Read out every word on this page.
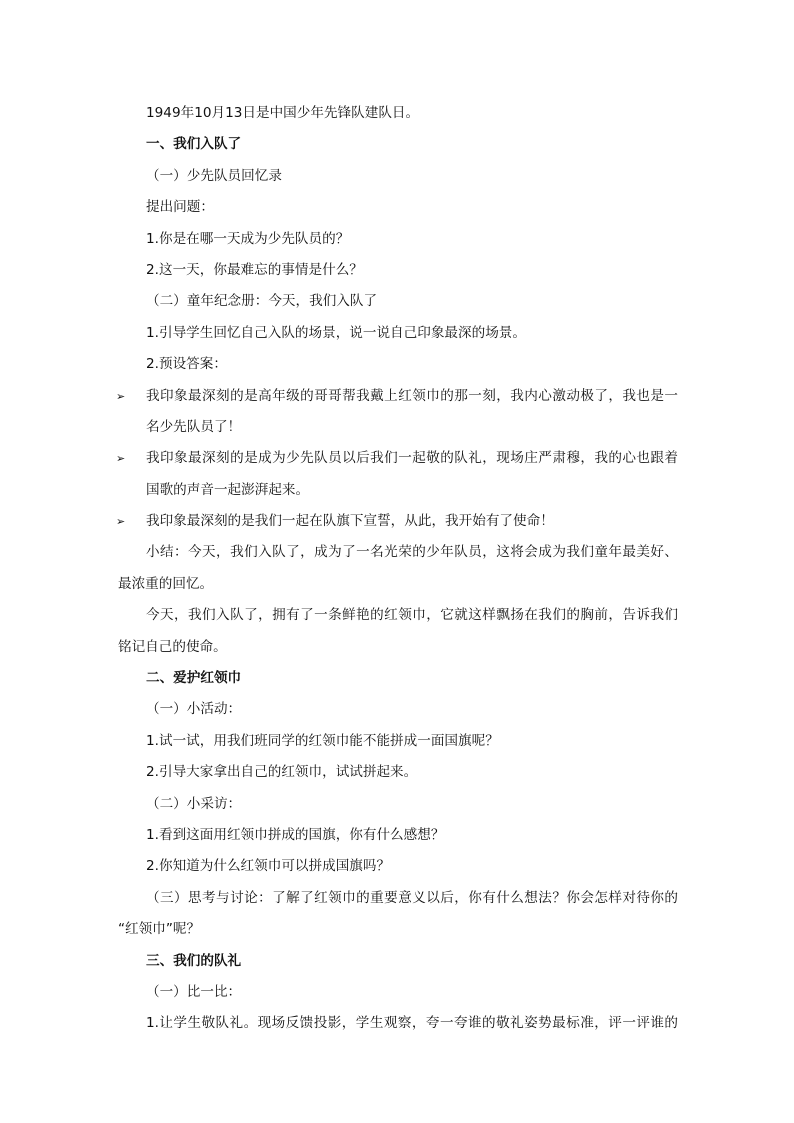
1949年10月13日是中国少年先锋队建队日。
一、我们入队了
（一）少先队员回忆录
提出问题：
1.你是在哪一天成为少先队员的？
2.这一天，你最难忘的事情是什么？
（二）童年纪念册：今天，我们入队了
1.引导学生回忆自己入队的场景，说一说自己印象最深的场景。
2.预设答案：
➢ 我印象最深刻的是高年级的哥哥帮我戴上红领巾的那一刻，我内心激动极了，我也是一
名少先队员了！
➢ 我印象最深刻的是成为少先队员以后我们一起敬的队礼，现场庄严肃穆，我的心也跟着
国歌的声音一起澎湃起来。
➢ 我印象最深刻的是我们一起在队旗下宣誓，从此，我开始有了使命！
小结：今天，我们入队了，成为了一名光荣的少年队员，这将会成为我们童年最美好、
最浓重的回忆。
今天，我们入队了，拥有了一条鲜艳的红领巾，它就这样飘扬在我们的胸前，告诉我们
铭记自己的使命。
二、爱护红领巾
（一）小活动：
1.试一试，用我们班同学的红领巾能不能拼成一面国旗呢？
2.引导大家拿出自己的红领巾，试试拼起来。
（二）小采访：
1.看到这面用红领巾拼成的国旗，你有什么感想？
2.你知道为什么红领巾可以拼成国旗吗？
（三）思考与讨论：了解了红领巾的重要意义以后，你有什么想法？你会怎样对待你的
“红领巾”呢？
三、我们的队礼
（一）比一比：
1.让学生敬队礼。现场反馈投影，学生观察，夸一夸谁的敬礼姿势最标准，评一评谁的
